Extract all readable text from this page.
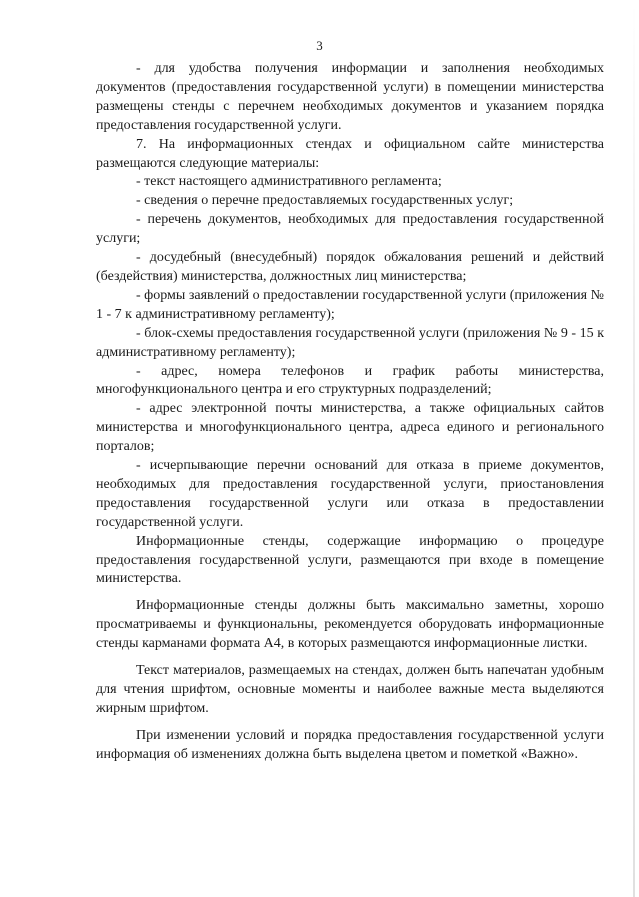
3

- для удобства получения информации и заполнения необходимых документов (предоставления государственной услуги) в помещении министерства размещены стенды с перечнем необходимых документов и указанием порядка предоставления государственной услуги.

7. На информационных стендах и официальном сайте министерства размещаются следующие материалы:

- текст настоящего административного регламента;

- сведения о перечне предоставляемых государственных услуг;

- перечень документов, необходимых для предоставления государственной услуги;

- досудебный (внесудебный) порядок обжалования решений и действий (бездействия) министерства, должностных лиц министерства;

- формы заявлений о предоставлении государственной услуги (приложения № 1 - 7 к административному регламенту);

- блок-схемы предоставления государственной услуги (приложения № 9 - 15 к административному регламенту);

- адрес, номера телефонов и график работы министерства, многофункционального центра и его структурных подразделений;

- адрес электронной почты министерства, а также официальных сайтов министерства и многофункционального центра, адреса единого и регионального порталов;

- исчерпывающие перечни оснований для отказа в приеме документов, необходимых для предоставления государственной услуги, приостановления предоставления государственной услуги или отказа в предоставлении государственной услуги.

Информационные стенды, содержащие информацию о процедуре предоставления государственной услуги, размещаются при входе в помещение министерства.

Информационные стенды должны быть максимально заметны, хорошо просматриваемы и функциональны, рекомендуется оборудовать информационные стенды карманами формата А4, в которых размещаются информационные листки.

Текст материалов, размещаемых на стендах, должен быть напечатан удобным для чтения шрифтом, основные моменты и наиболее важные места выделяются жирным шрифтом.

При изменении условий и порядка предоставления государственной услуги информация об изменениях должна быть выделена цветом и пометкой «Важно».
